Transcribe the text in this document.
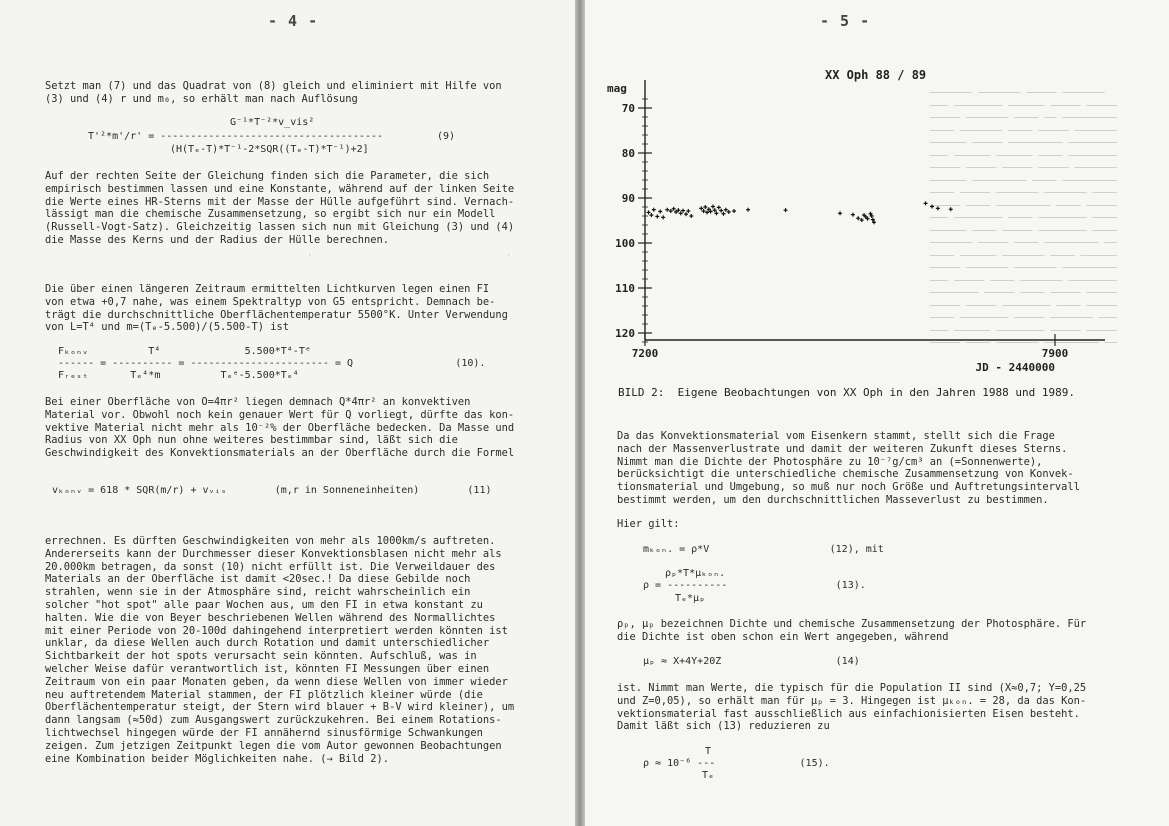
·                                ·
- 4 -
Setzt man (7) und das Quadrat von (8) gleich und eliminiert mit Hilfe von
(3) und (4) r und m₀, so erhält man nach Auflösung
G⁻¹*T⁻²*v_vis²
T'²*m'/r' = -------------------------------------	(9)
(H(Tₑ-T)*T⁻¹-2*SQR((Tₑ-T)*T⁻¹)+2]
Auf der rechten Seite der Gleichung finden sich die Parameter, die sich
empirisch bestimmen lassen und eine Konstante, während auf der linken Seite
die Werte eines HR-Sterns mit der Masse der Hülle aufgeführt sind. Vernach-
lässigt man die chemische Zusammensetzung, so ergibt sich nur ein Modell
(Russell-Vogt-Satz). Gleichzeitig lassen sich nun mit Gleichung (3) und (4)
die Masse des Kerns und der Radius der Hülle berechnen.
Die über einen längeren Zeitraum ermittelten Lichtkurven legen einen FI
von etwa +0,7 nahe, was einem Spektraltyp von G5 entspricht. Demnach be-
trägt die durchschnittliche Oberflächentemperatur 5500°K. Unter Verwendung
von L=T⁴ und m=(Tₑ-5.500)/(5.500-T) ist
Fₖₒₙᵥ          T⁴              5.500*T⁴-Tᵉ
------ = ---------- = ----------------------- = Q                 (10).
Fᵣₑₛₜ       Tₑ⁴*m          Tₑᵉ-5.500*Tₑ⁴
Bei einer Oberfläche von O=4πr² liegen demnach Q*4πr² an konvektiven
Material vor. Obwohl noch kein genauer Wert für Q vorliegt, dürfte das kon-
vektive Material nicht mehr als 10⁻²% der Oberfläche bedecken. Da Masse und
Radius von XX Oph nun ohne weiteres bestimmbar sind, läßt sich die
Geschwindigkeit des Konvektionsmaterials an der Oberfläche durch die Formel
vₖₒₙᵥ = 618 * SQR(m/r) + vᵥᵢₛ        (m,r in Sonneneinheiten)        (11)
errechnen. Es dürften Geschwindigkeiten von mehr als 1000km/s auftreten.
Andererseits kann der Durchmesser dieser Konvektionsblasen nicht mehr als
20.000km betragen, da sonst (10) nicht erfüllt ist. Die Verweildauer des
Materials an der Oberfläche ist damit <20sec.! Da diese Gebilde noch
strahlen, wenn sie in der Atmosphäre sind, reicht wahrscheinlich ein
solcher "hot spot" alle paar Wochen aus, um den FI in etwa konstant zu
halten. Wie die von Beyer beschriebenen Wellen während des Normallichtes
mit einer Periode von 20-100d dahingehend interpretiert werden könnten ist
unklar, da diese Wellen auch durch Rotation und damit unterschiedlicher
Sichtbarkeit der hot spots verursacht sein könnten. Aufschluß, was in
welcher Weise dafür verantwortlich ist, könnten FI Messungen über einen
Zeitraum von ein paar Monaten geben, da wenn diese Wellen von immer wieder
neu auftretendem Material stammen, der FI plötzlich kleiner würde (die
Oberflächentemperatur steigt, der Stern wird blauer + B-V wird kleiner), um
dann langsam (≈50d) zum Ausgangswert zurückzukehren. Bei einem Rotations-
lichtwechsel hingegen würde der FI annähernd sinusförmige Schwankungen
zeigen. Zum jetzigen Zeitpunkt legen die vom Autor gewonnen Beobachtungen
eine Kombination beider Möglichkeiten nahe. (→ Bild 2).
─────── ─────── ───── ───────
─── ──────── ────── ───── ─────
───── ─────── ──── ── ─────────
──── ─────── ──── ───── ───────
────── ───── ───────── ────────
─── ────── ────── ──── ────────
───── ───── ───── ───── ───────
────── ───────── ──── ─────────
──── ───── ─────── ─────── ────
───── ──── ───────── ──── ─────
─── ──────── ──── ──────── ────
────── ──── ───── ──────── ────
─────── ───── ──── ───────── ──
──── ────── ─────── ──── ──────
───── ─────── ─────── ─────────
─── ───── ──── ─────── ────────
──────── ───── ──── ───── ─────
───── ───── ──────── ──── ─────
──── ──────── ───── ─────── ───
─── ────── ──────── ───── ─────
───── ──── ─────── ───────── ──
- 5 -
XX Oph 88 / 89
mag
70
80
90
100
110
120
7200	7900
JD - 2440000
BILD 2:  Eigene Beobachtungen von XX Oph in den Jahren 1988 und 1989.
Da das Konvektionsmaterial vom Eisenkern stammt, stellt sich die Frage
nach der Massenverlustrate und damit der weiteren Zukunft dieses Sterns.
Nimmt man die Dichte der Photosphäre zu 10⁻⁷g/cm³ an (=Sonnenwerte),
berücksichtigt die unterschiedliche chemische Zusammensetzung von Konvek-
tionsmaterial und Umgebung, so muß nur noch Größe und Auftretungsintervall
bestimmt werden, um den durchschnittlichen Masseverlust zu bestimmen.
Hier gilt:
mₖₒₙ. = ρ*V                    (12), mit
ρₚ*T*μₖₒₙ.
ρ = ----------                  (13).
Tₑ*μₚ
ρₚ, μₚ bezeichnen Dichte und chemische Zusammensetzung der Photosphäre. Für
die Dichte ist oben schon ein Wert angegeben, während
μₚ ≈ X+4Y+20Z                   (14)
ist. Nimmt man Werte, die typisch für die Population II sind (X≈0,7; Y=0,25
und Z=0,05), so erhält man für μₚ = 3. Hingegen ist μₖₒₙ. = 28, da das Kon-
vektionsmaterial fast ausschließlich aus einfachionisierten Eisen besteht.
Damit läßt sich (13) reduzieren zu
T
ρ ≈ 10⁻⁶ ---              (15).
Tₑ
